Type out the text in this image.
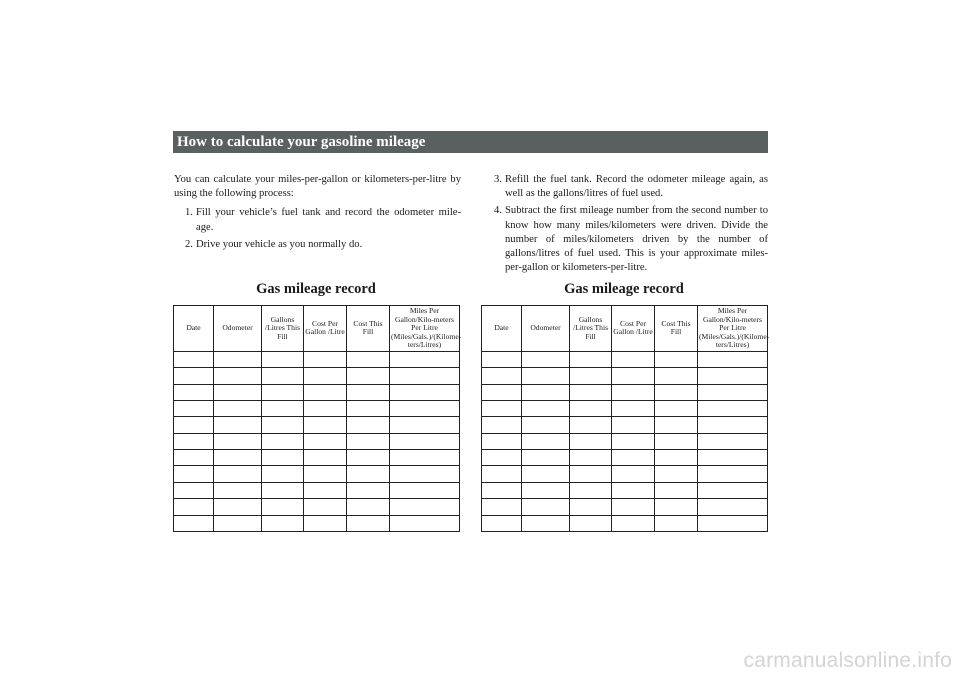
How to calculate your gasoline mileage

You can calculate your miles-per-gallon or kilometers-per-litre by using the following process:

1. Fill your vehicle’s fuel tank and record the odometer mile-age.
2. Drive your vehicle as you normally do.
3. Refill the fuel tank. Record the odometer mileage again, as well as the gallons/litres of fuel used.
4. Subtract the first mileage number from the second number to know how many miles/kilometers were driven. Divide the number of miles/kilometers driven by the number of gallons/litres of fuel used. This is your approximate miles-per-gallon or kilometers-per-litre.
Gas mileage record	Gas mileage record
Date	Odometer	Gallons /Litres This Fill	Cost Per Gallon /Litre	Cost This Fill	Miles Per Gallon/Kilo-meters Per Litre (Miles/Gals.)/(Kilome-ters/Litres)

Date	Odometer	Gallons /Litres This Fill	Cost Per Gallon /Litre	Cost This Fill	Miles Per Gallon/Kilo-meters Per Litre (Miles/Gals.)/(Kilome-ters/Litres)

carmanualsonline.info
